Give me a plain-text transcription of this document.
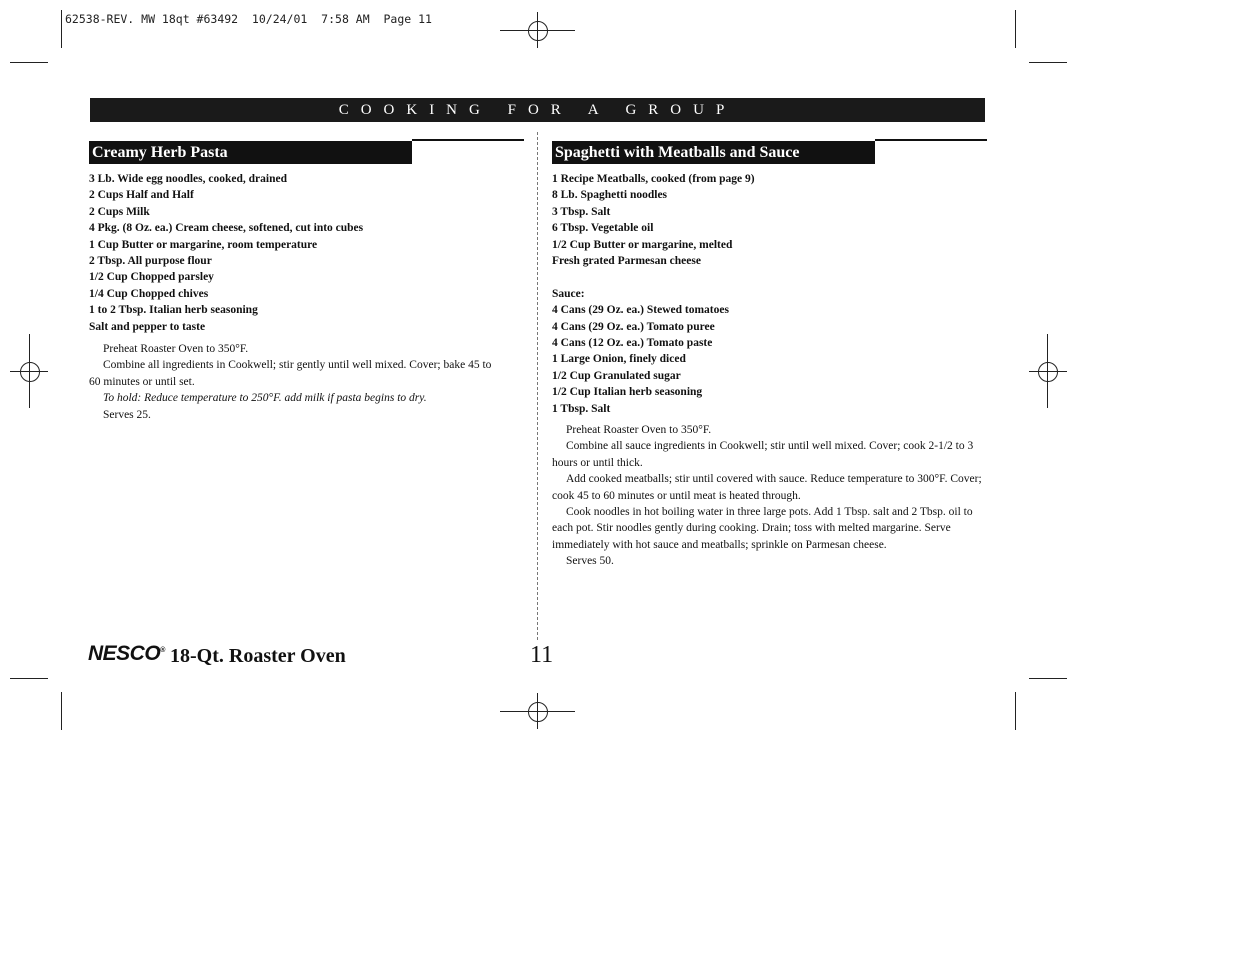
62538-REV. MW 18qt #63492  10/24/01  7:58 AM  Page 11
COOKING FOR A GROUP
Creamy Herb Pasta
3 Lb. Wide egg noodles, cooked, drained
2 Cups Half and Half
2 Cups Milk
4 Pkg. (8 Oz. ea.) Cream cheese, softened, cut into cubes
1 Cup Butter or margarine, room temperature
2 Tbsp. All purpose flour
1/2 Cup Chopped parsley
1/4 Cup Chopped chives
1 to 2 Tbsp. Italian herb seasoning
Salt and pepper to taste

Preheat Roaster Oven to 350°F.

Combine all ingredients in Cookwell; stir gently until well mixed. Cover; bake 45 to 60 minutes or until set.

To hold: Reduce temperature to 250°F. add milk if pasta begins to dry.

Serves 25.

Spaghetti with Meatballs and Sauce
1 Recipe Meatballs, cooked (from page 9)
8 Lb. Spaghetti noodles
3 Tbsp. Salt
6 Tbsp. Vegetable oil
1/2 Cup Butter or margarine, melted
Fresh grated Parmesan cheese
Sauce:
4 Cans (29 Oz. ea.) Stewed tomatoes
4 Cans (29 Oz. ea.) Tomato puree
4 Cans (12 Oz. ea.) Tomato paste
1 Large Onion, finely diced
1/2 Cup Granulated sugar
1/2 Cup Italian herb seasoning
1 Tbsp. Salt

Preheat Roaster Oven to 350°F.

Combine all sauce ingredients in Cookwell; stir until well mixed. Cover; cook 2-1/2 to 3 hours or until thick.

Add cooked meatballs; stir until covered with sauce. Reduce temperature to 300°F. Cover; cook 45 to 60 minutes or until meat is heated through.

Cook noodles in hot boiling water in three large pots. Add 1 Tbsp. salt and 2 Tbsp. oil to each pot. Stir noodles gently during cooking. Drain; toss with melted margarine. Serve immediately with hot sauce and meatballs; sprinkle on Parmesan cheese.

Serves 50.

NESCO® 18-Qt. Roaster Oven	11
